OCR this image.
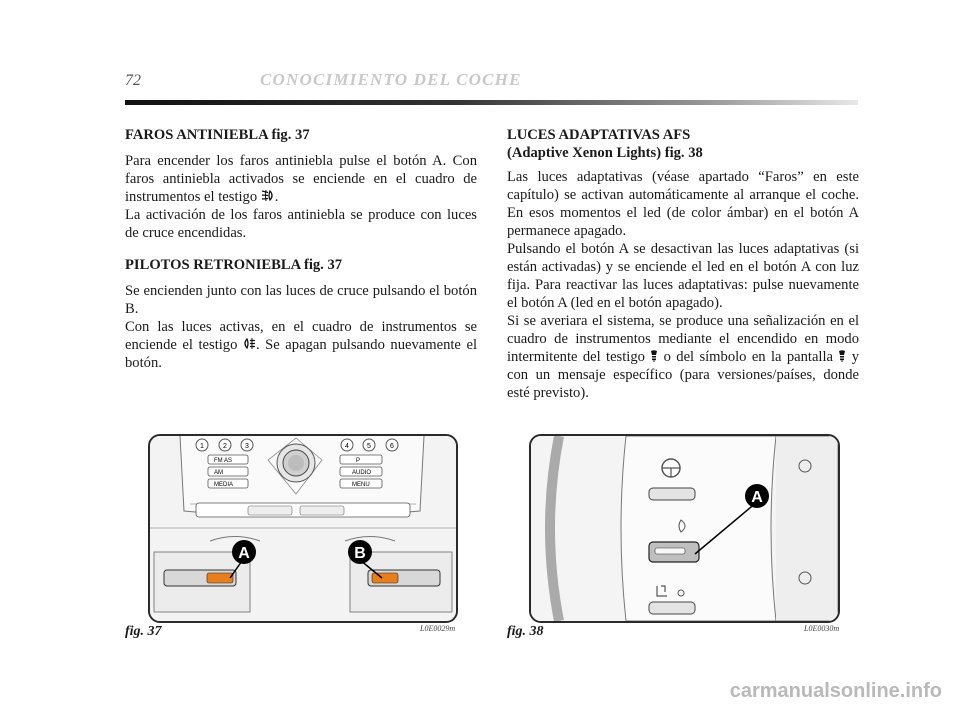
72	CONOCIMIENTO DEL COCHE

FAROS ANTINIEBLA fig. 37

Para encender los faros antiniebla pulse el botón A. Con faros antiniebla activados se enciende en el cuadro de instrumentos el testigo .

La activación de los faros antiniebla se produce con luces de cruce encendidas.

PILOTOS RETRONIEBLA fig. 37

Se encienden junto con las luces de cruce pulsando el botón B.

Con las luces activas, en el cuadro de instrumentos se enciende el testigo . Se apagan pulsando nuevamente el botón.

LUCES ADAPTATIVAS AFS
(Adaptive Xenon Lights) fig. 38

Las luces adaptativas (véase apartado “Faros” en este capítulo) se activan automáticamente al arranque el coche. En esos momentos el led (de color ámbar) en el botón A permanece apagado.

Pulsando el botón A se desactivan las luces adaptativas (si están activadas) y se enciende el led en el botón A con luz fija. Para reactivar las luces adaptativas: pulse nuevamente el botón A (led en el botón apagado).

Si se averiara el sistema, se produce una señalización en el cuadro de instrumentos mediante el encendido en modo intermitente del testigo  o del símbolo en la pantalla  y con un mensaje específico (para versiones/países, donde esté previsto).

1	2	3	4	5	6
FM AS
AM
MEDIA
P
AUDIO
MENU
A	B
fig. 37	L0E0029m
A
fig. 38	L0E0030m
carmanualsonline.info
